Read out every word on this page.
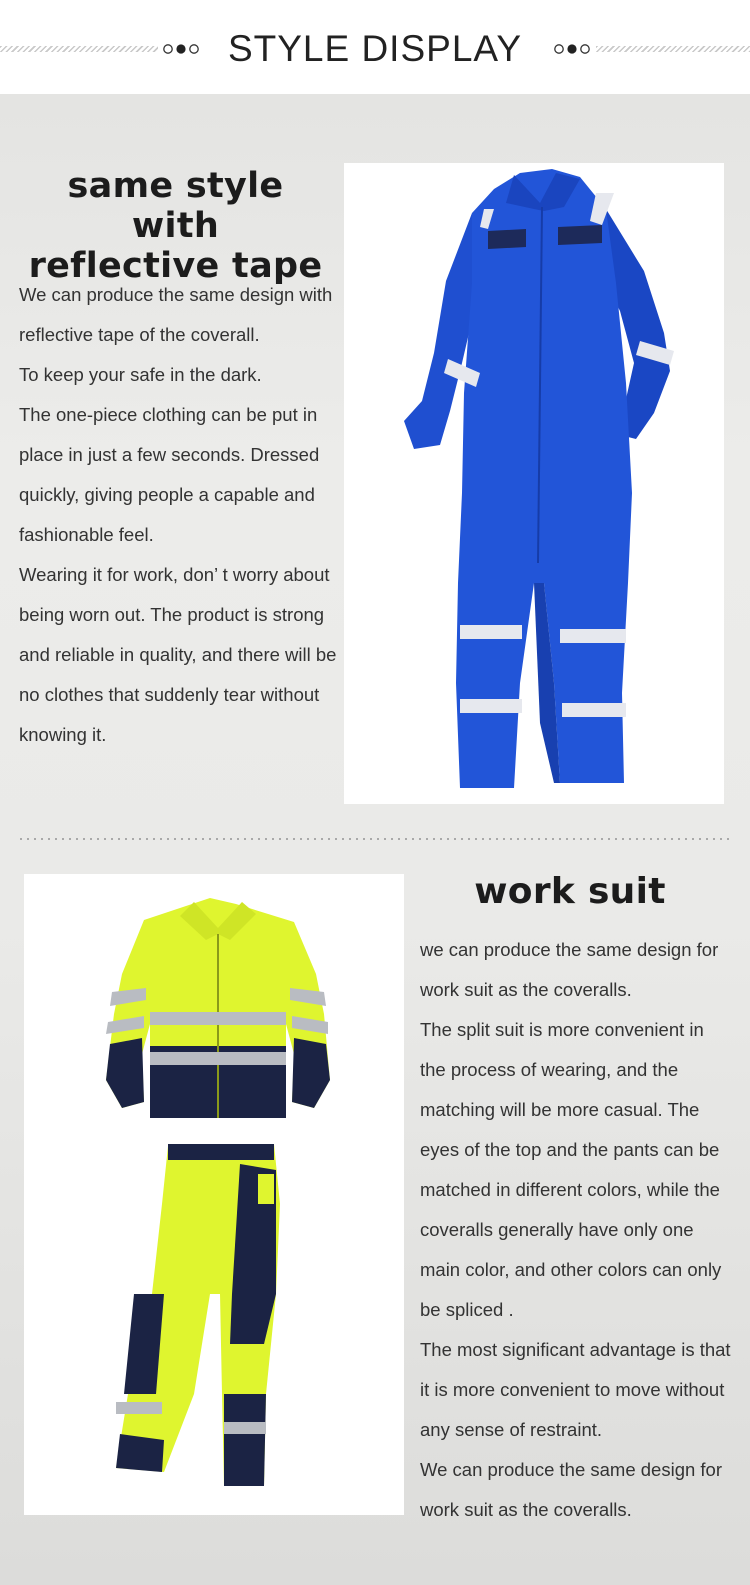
STYLE DISPLAY
same style with
reflective tape

We can produce the same design with reflective tape of the coverall.

To keep your safe in the dark.

The one-piece clothing can be put in place in just a few seconds. Dressed quickly, giving people a capable and fashionable feel.

Wearing it for work, don’ t worry about being worn out. The product is strong and reliable in quality, and there will be no clothes that suddenly tear without knowing it.

work suit

we can produce the same design for work suit as the coveralls.

The split suit is more convenient in the process of wearing, and the matching will be more casual. The eyes of the top and the pants can be matched in different colors, while the coveralls generally have only one main color, and other colors can only be spliced .

The most significant advantage is that it is more convenient to move without any sense of restraint.

We can produce the same design for work suit as the coveralls.
